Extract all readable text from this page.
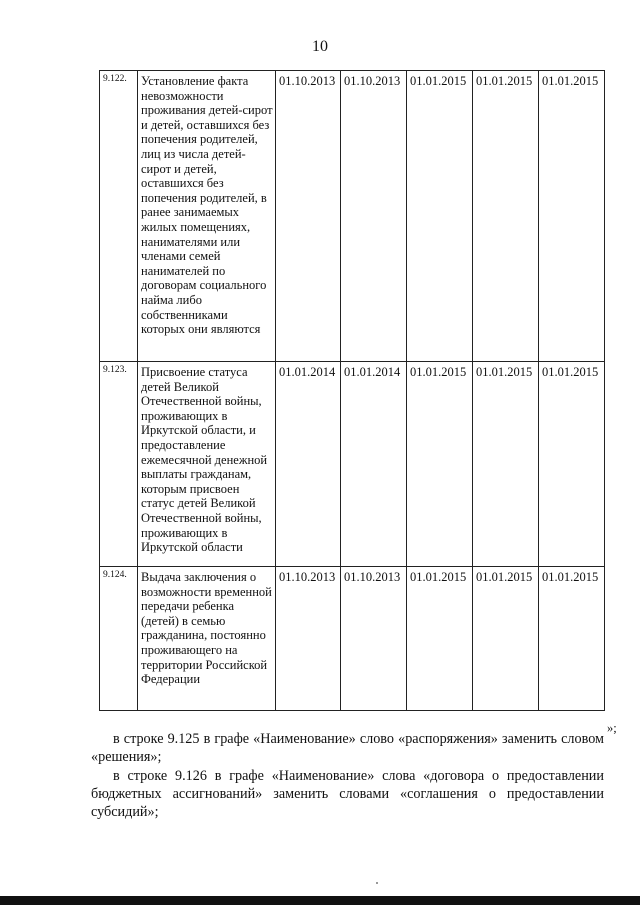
10
9.122.	Установление факта невозможности проживания детей-сирот и детей, оставшихся без попечения родителей, лиц из числа детей-сирот и детей, оставшихся без попечения родителей, в ранее занимаемых жилых помещениях, нанимателями или членами семей нанимателей по договорам социального найма либо собственниками которых они являются	01.10.2013	01.10.2013	01.01.2015	01.01.2015	01.01.2015
9.123.	Присвоение статуса детей Великой Отечественной войны, проживающих в Иркутской области, и предоставление ежемесячной денежной выплаты гражданам, которым присвоен статус детей Великой Отечественной войны, проживающих в Иркутской области	01.01.2014	01.01.2014	01.01.2015	01.01.2015	01.01.2015
9.124.	Выдача заключения о возможности временной передачи ребенка (детей) в семью гражданина, постоянно проживающего на территории Российской Федерации	01.10.2013	01.10.2013	01.01.2015	01.01.2015	01.01.2015
»;
в строке 9.125 в графе «Наименование» слово «распоряжения» заменить словом «решения»;
в строке 9.126 в графе «Наименование» слова «договора о предоставлении бюджетных ассигнований» заменить словами «соглашения о предоставлении субсидий»;
